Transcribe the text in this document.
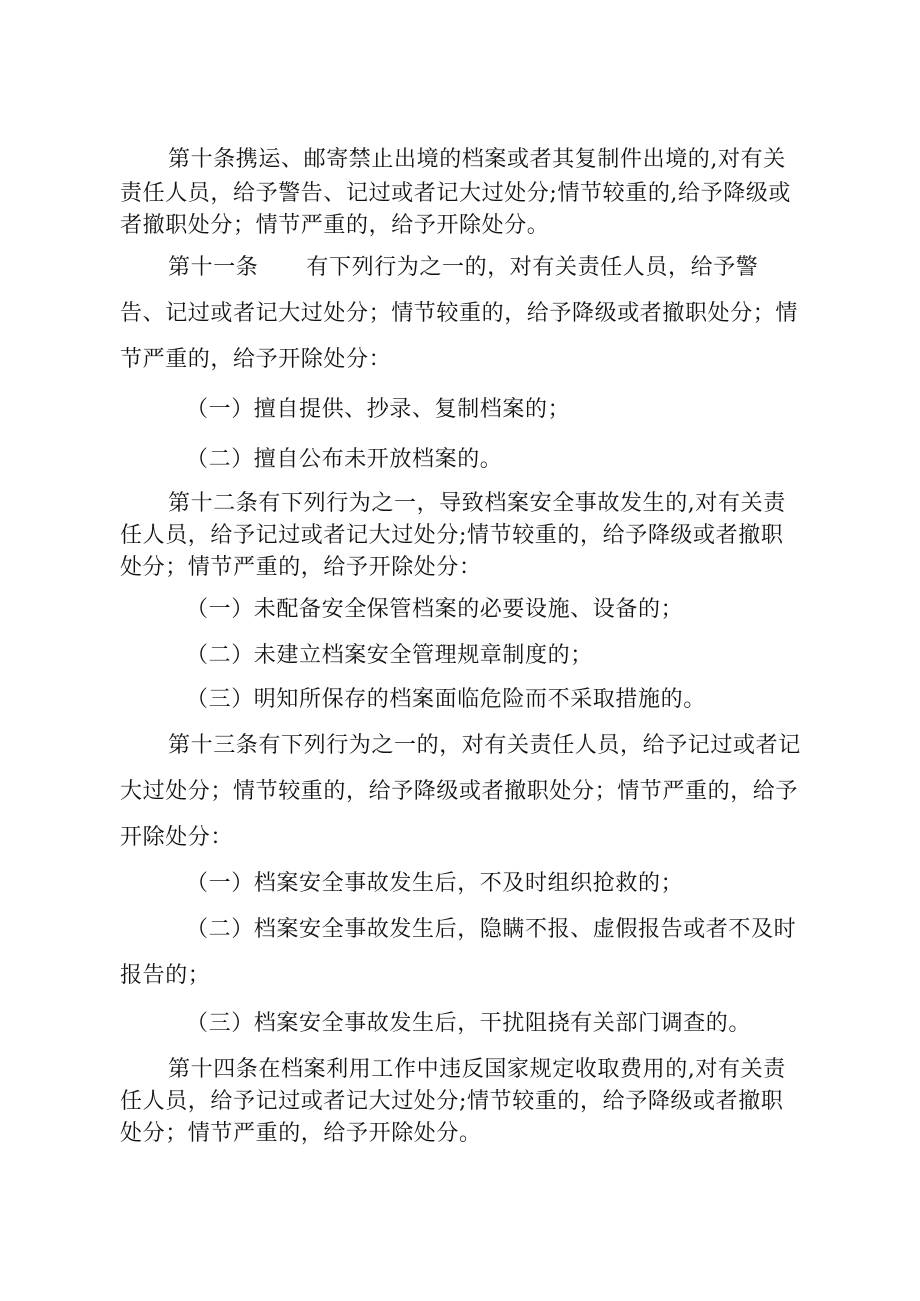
第十条携运、邮寄禁止出境的档案或者其复制件出境的,对有关
责任人员，给予警告、记过或者记大过处分;情节较重的,给予降级或
者撤职处分；情节严重的，给予开除处分。
第十一条 有下列行为之一的，对有关责任人员，给予警
告、记过或者记大过处分；情节较重的，给予降级或者撤职处分；情
节严重的，给予开除处分：
（一）擅自提供、抄录、复制档案的；
（二）擅自公布未开放档案的。
第十二条有下列行为之一，导致档案安全事故发生的,对有关责
任人员，给予记过或者记大过处分;情节较重的，给予降级或者撤职
处分；情节严重的，给予开除处分：
（一）未配备安全保管档案的必要设施、设备的；
（二）未建立档案安全管理规章制度的；
（三）明知所保存的档案面临危险而不采取措施的。
第十三条有下列行为之一的，对有关责任人员，给予记过或者记
大过处分；情节较重的，给予降级或者撤职处分；情节严重的，给予
开除处分：
（一）档案安全事故发生后，不及时组织抢救的；
（二）档案安全事故发生后，隐瞒不报、虚假报告或者不及时
报告的；
（三）档案安全事故发生后，干扰阻挠有关部门调查的。
第十四条在档案利用工作中违反国家规定收取费用的,对有关责
任人员，给予记过或者记大过处分;情节较重的，给予降级或者撤职
处分；情节严重的，给予开除处分。
